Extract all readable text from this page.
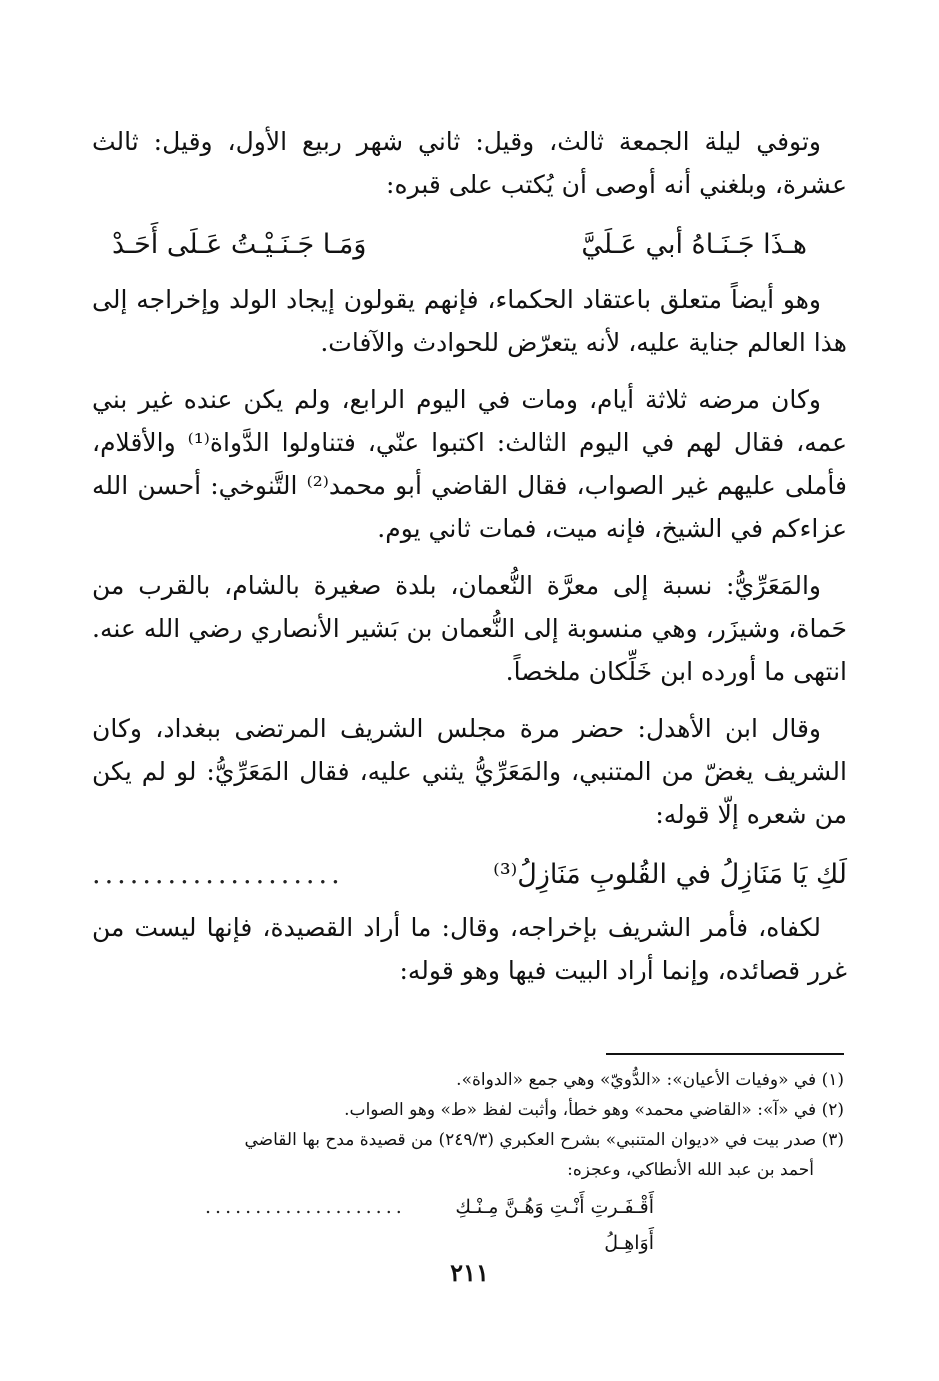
وتوفي ليلة الجمعة ثالث، وقيل: ثاني شهر ربيع الأول، وقيل: ثالث عشرة، وبلغني أنه أوصى أن يُكتب على قبره:

هـذَا جَـنَـاهُ أبي عَـلَيَّ
وَمَـا جَـنَـيْـتُ عَـلَى أَحَـدْ

وهو أيضاً متعلق باعتقاد الحكماء، فإنهم يقولون إيجاد الولد وإخراجه إلى هذا العالم جناية عليه، لأنه يتعرّض للحوادث والآفات.

وكان مرضه ثلاثة أيام، ومات في اليوم الرابع، ولم يكن عنده غير بني عمه، فقال لهم في اليوم الثالث: اكتبوا عنّي، فتناولوا الدَّواة⁽¹⁾ والأقلام، فأملى عليهم غير الصواب، فقال القاضي أبو محمد⁽²⁾ التَّنوخي: أحسن الله عزاءكم في الشيخ، فإنه ميت، فمات ثاني يوم.

والمَعَرِّيُّ: نسبة إلى معرَّة النُّعمان، بلدة صغيرة بالشام، بالقرب من حَماة، وشيزَر، وهي منسوبة إلى النُّعمان بن بَشير الأنصاري رضي الله عنه. انتهى ما أورده ابن خَلِّكان ملخصاً.

وقال ابن الأهدل: حضر مرة مجلس الشريف المرتضى ببغداد، وكان الشريف يغضّ من المتنبي، والمَعَرِّيُّ يثني عليه، فقال المَعَرِّيُّ: لو لم يكن من شعره إلّا قوله:

لَكِ يَا مَنَازِلُ في القُلوبِ مَنَازِلُ⁽³⁾
....................

لكفاه، فأمر الشريف بإخراجه، وقال: ما أراد القصيدة، فإنها ليست من غرر قصائده، وإنما أراد البيت فيها وهو قوله:

(١) في «وفيات الأعيان»: «الدُّويّ» وهي جمع «الدواة».

(٢) في «آ»: «القاضي محمد» وهو خطأ، وأثبت لفظ «ط» وهو الصواب.

(٣) صدر بيت في «ديوان المتنبي» بشرح العكبري (٢٤٩/٣) من قصيدة مدح بها القاضي
أحمد بن عبد الله الأنطاكي، وعجزه:

أَقْـفَـرتِ أَنْـتِ وَهُـنَّ مِـنْـكِ أَوَاهِـلُ
....................
٢١١
